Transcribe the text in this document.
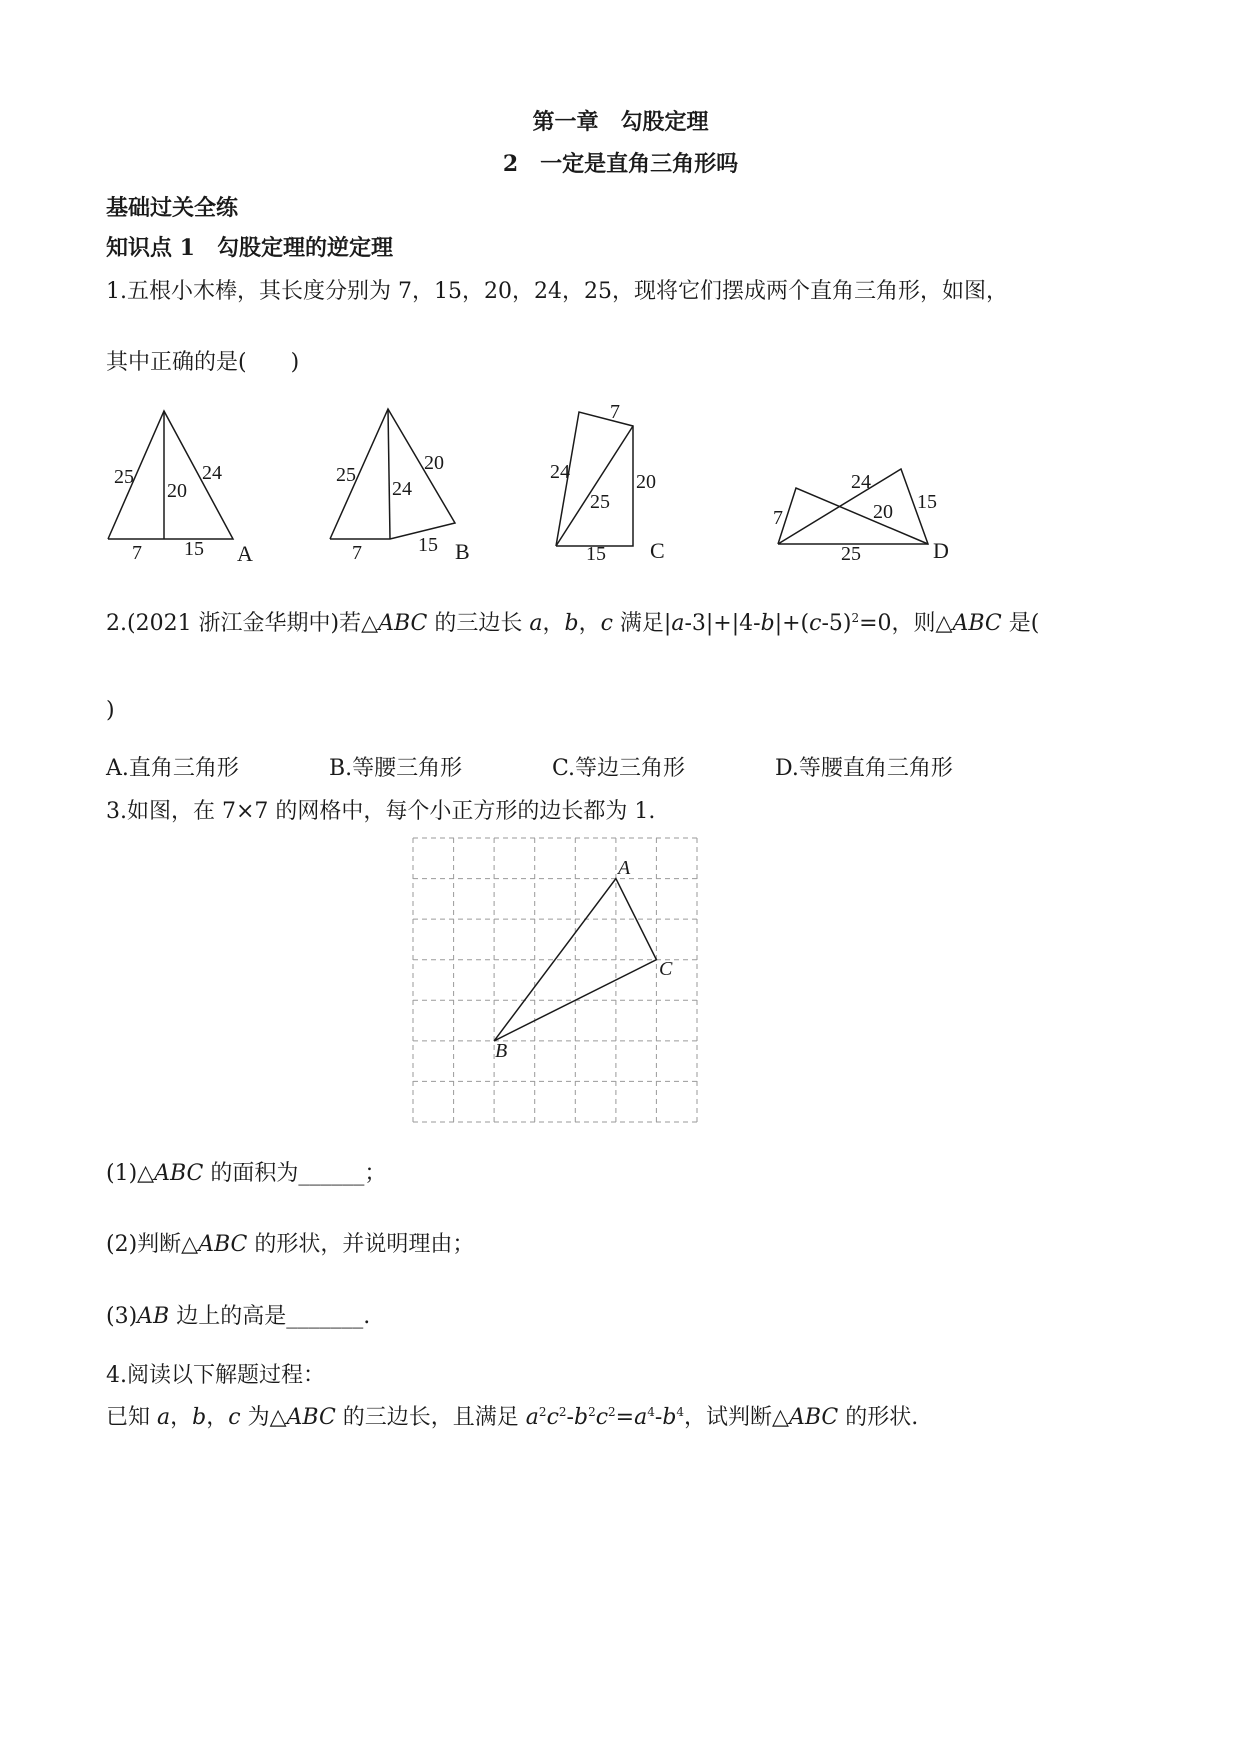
第一章　勾股定理
2　一定是直角三角形吗
基础过关全练
知识点 1　勾股定理的逆定理
1.五根小木棒，其长度分别为 7，15，20，24，25，现将它们摆成两个直角三角形，如图，
其中正确的是(　　)
25	24
20
7 15 A
25
24
20
7	15 B
7
24
25
20
15 C
24
7	20 15
25	D
2.(2021 浙江金华期中)若△ABC 的三边长 a，b，c 满足$|a-3|+|4-b|+(c-5)^2=0$，则△ABC 是(
)
A.直角三角形	B.等腰三角形	C.等边三角形	D.等腰直角三角形
3.如图，在 7×7 的网格中，每个小正方形的边长都为 1.
A
C
B
(1)△ABC 的面积为______；
(2)判断△ABC 的形状，并说明理由；
(3)AB 边上的高是_______.
4.阅读以下解题过程：
已知 a，b，c 为△ABC 的三边长，且满足 $a^2c^2-b^2c^2=a^4-b^4$，试判断△ABC 的形状.
